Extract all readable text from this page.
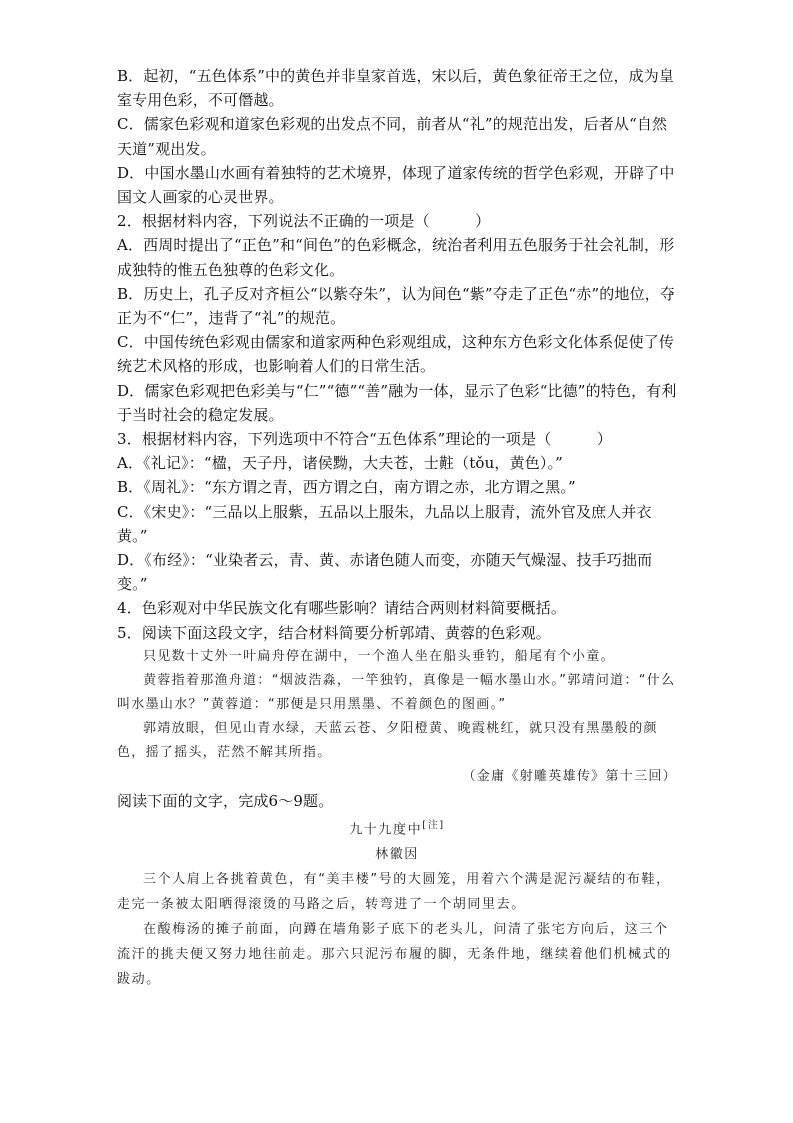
B．起初，“五色体系”中的黄色并非皇家首选，宋以后，黄色象征帝王之位，成为皇室专用色彩，不可僭越。
C．儒家色彩观和道家色彩观的出发点不同，前者从“礼”的规范出发，后者从“自然天道”观出发。
D．中国水墨山水画有着独特的艺术境界，体现了道家传统的哲学色彩观，开辟了中国文人画家的心灵世界。
2．根据材料内容，下列说法不正确的一项是（　　　）
A．西周时提出了“正色”和“间色”的色彩概念，统治者利用五色服务于社会礼制，形成独特的惟五色独尊的色彩文化。
B．历史上，孔子反对齐桓公“以紫夺朱”，认为间色“紫”夺走了正色“赤”的地位，夺正为不“仁”，违背了“礼”的规范。
C．中国传统色彩观由儒家和道家两种色彩观组成，这种东方色彩文化体系促使了传统艺术风格的形成，也影响着人们的日常生活。
D．儒家色彩观把色彩美与“仁”“德”“善”融为一体，显示了色彩“比德”的特色，有利于当时社会的稳定发展。
3．根据材料内容，下列选项中不符合“五色体系”理论的一项是（　　　）
A．《礼记》：“楹，天子丹，诸侯黝，大夫苍，士黈（tǒu，黄色）。”
B．《周礼》：“东方谓之青，西方谓之白，南方谓之赤，北方谓之黑。”
C．《宋史》：“三品以上服紫，五品以上服朱，九品以上服青，流外官及庶人并衣黄。”
D．《布经》：“业染者云，青、黄、赤诸色随人而变，亦随天气燥湿、技手巧拙而变。”
4．色彩观对中华民族文化有哪些影响？请结合两则材料简要概括。
5．阅读下面这段文字，结合材料简要分析郭靖、黄蓉的色彩观。

只见数十丈外一叶扁舟停在湖中，一个渔人坐在船头垂钓，船尾有个小童。

黄蓉指着那渔舟道：“烟波浩淼，一竿独钓，真像是一幅水墨山水。”郭靖问道：“什么叫水墨山水？”黄蓉道：“那便是只用黑墨、不着颜色的图画。”

郭靖放眼，但见山青水绿，天蓝云苍、夕阳橙黄、晚霞桃红，就只没有黑墨般的颜色，摇了摇头，茫然不解其所指。

（金庸《射雕英雄传》第十三回）
阅读下面的文字，完成6～9题。
九十九度中[注]
林徽因

三个人肩上各挑着黄色，有“美丰楼”号的大圆笼，用着六个满是泥污凝结的布鞋，走完一条被太阳晒得滚烫的马路之后，转弯进了一个胡同里去。

在酸梅汤的摊子前面，向蹲在墙角影子底下的老头儿，问清了张宅方向后，这三个流汗的挑夫便又努力地往前走。那六只泥污布履的脚，无条件地，继续着他们机械式的跋动。
